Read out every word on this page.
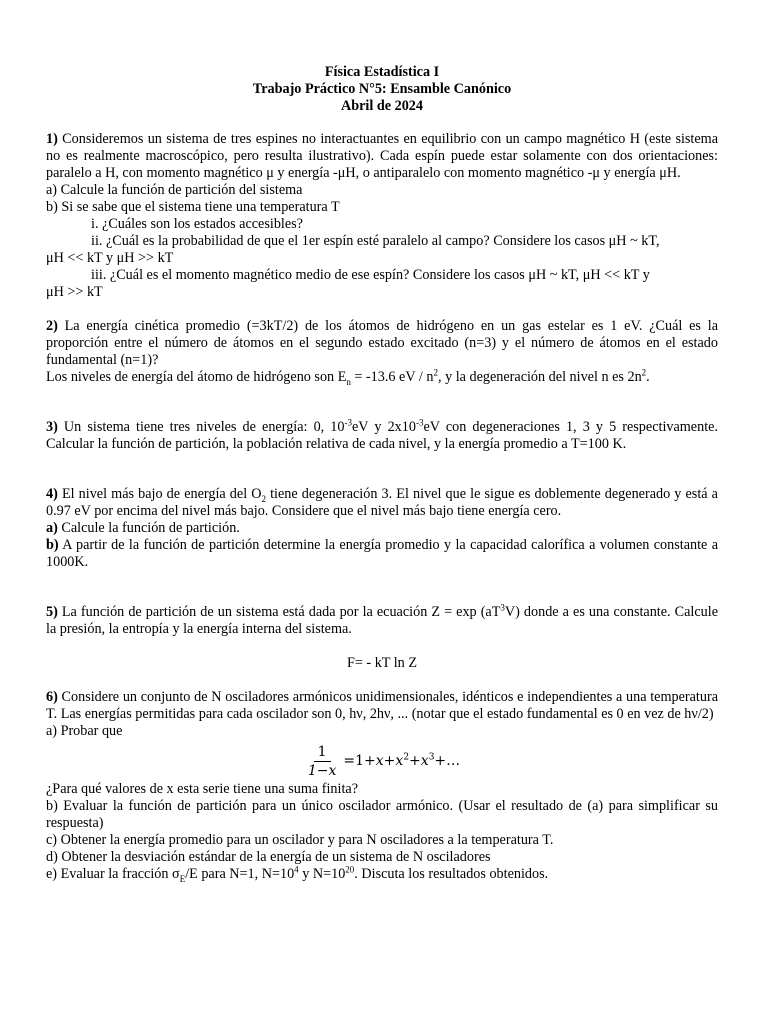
Física Estadística I
Trabajo Práctico N°5: Ensamble Canónico
Abril de 2024

1) Consideremos un sistema de tres espines no interactuantes en equilibrio con un campo magnético H (este sistema no es realmente macroscópico, pero resulta ilustrativo). Cada espín puede estar solamente con dos orientaciones: paralelo a H, con momento magnético μ y energía -μH, o antiparalelo con momento magnético -μ y energía μH.

a) Calcule la función de partición del sistema

b) Si se sabe que el sistema tiene una temperatura T

i. ¿Cuáles son los estados accesibles?

ii. ¿Cuál es la probabilidad de que el 1er espín esté paralelo al campo? Considere los casos μH ~ kT,

μH << kT y μH >> kT

iii. ¿Cuál es el momento magnético medio de ese espín? Considere los casos μH ~ kT, μH << kT y

μH >> kT

2) La energía cinética promedio (=3kT/2) de los átomos de hidrógeno en un gas estelar es 1 eV. ¿Cuál es la proporción entre el número de átomos en el segundo estado excitado (n=3) y el número de átomos en el estado fundamental (n=1)?

Los niveles de energía del átomo de hidrógeno son $E_n = -13.6$ eV / $n^2$, y la degeneración del nivel n es $2n^2$.

3) Un sistema tiene tres niveles de energía: 0, $10^{-3}eV$ y $2x10^{-3}eV$ con degeneraciones 1, 3 y 5 respectivamente. Calcular la función de partición, la población relativa de cada nivel, y la energía promedio a T=100 K.

4) El nivel más bajo de energía del $O_2$ tiene degeneración 3. El nivel que le sigue es doblemente degenerado y está a 0.97 eV por encima del nivel más bajo. Considere que el nivel más bajo tiene energía cero.

a) Calcule la función de partición.

b) A partir de la función de partición determine la energía promedio y la capacidad calorífica a volumen constante a 1000K.

5) La función de partición de un sistema está dada por la ecuación $Z = \exp (aT^3V)$ donde a es una constante. Calcule la presión, la entropía y la energía interna del sistema.

F= - kT ln Z

6) Considere un conjunto de N osciladores armónicos unidimensionales, idénticos e independientes a una temperatura T. Las energías permitidas para cada oscilador son 0, hν, 2hν, ... (notar que el estado fundamental es 0 en vez de hν/2)

a) Probar que

$\frac{1}{1-x}$ $=1+x+x^2+x^3+\dots$

¿Para qué valores de x esta serie tiene una suma finita?

b) Evaluar la función de partición para un único oscilador armónico. (Usar el resultado de (a) para simplificar su respuesta)

c) Obtener la energía promedio para un oscilador y para N osciladores a la temperatura T.

d) Obtener la desviación estándar de la energía de un sistema de N osciladores

e) Evaluar la fracción $\sigma_E/E$ para N=1, $N=10^4$ y $N=10^{20}$. Discuta los resultados obtenidos.
